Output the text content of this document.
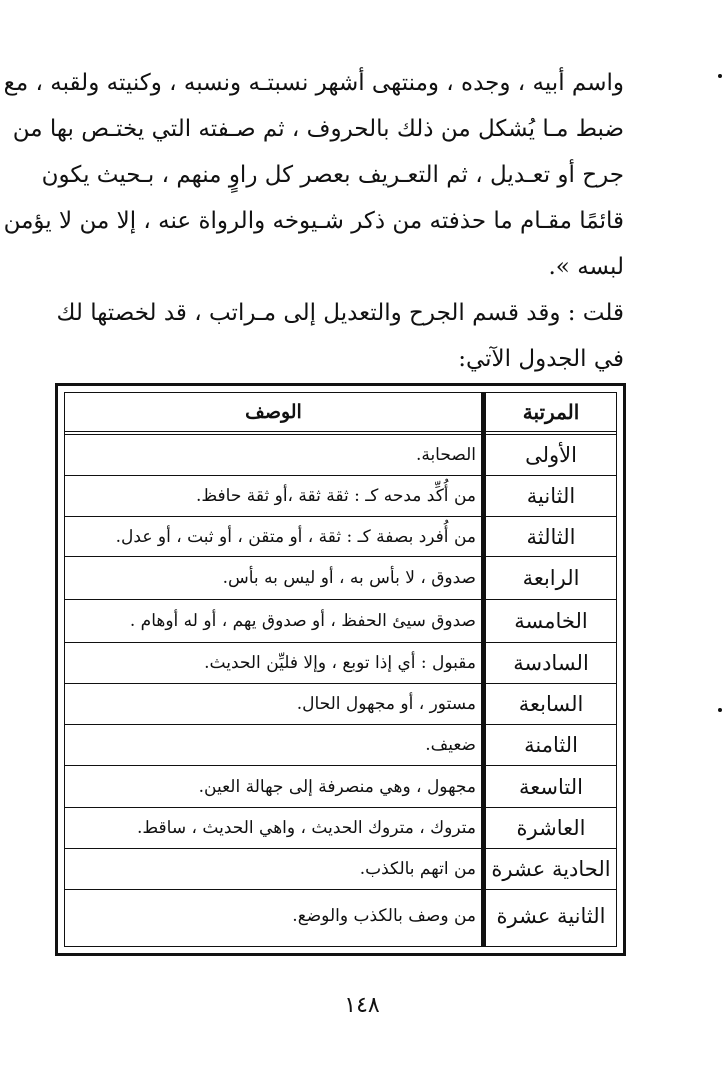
واسم أبيه ، وجده ، ومنتهى أشهر نسبتـه ونسبه ، وكنيته ولقبه ، مع
ضبط مـا يُشكل من ذلك بالحروف ، ثم صـفته التي يختـص بها من
جرح أو تعـديل ، ثم التعـريف بعصر كل راوٍ منهم ، بـحيث يكون
قائمًا مقـام ما حذفته من ذكر شـيوخه والرواة عنه ، إلا من لا يؤمن
لبسه ».
قلت : وقد قسم الجرح والتعديل إلى مـراتب ، قد لخصتها لك
في الجدول الآتي:
المرتبة
الوصف
الأولى
الصحابة.
الثانية
من أُكِّد مدحه كـ : ثقة ثقة ،أو ثقة حافظ.
الثالثة
من أُفرد بصفة كـ : ثقة ، أو متقن ، أو ثبت ، أو عدل.
الرابعة
صدوق ، لا بأس به ، أو ليس به بأس.
الخامسة
صدوق سيئ الحفظ ، أو صدوق يهم ، أو له أوهام .
السادسة
مقبول : أي إذا توبع ، وإلا فليِّن الحديث.
السابعة
مستور ، أو مجهول الحال.
الثامنة
ضعيف.
التاسعة
مجهول ، وهي منصرفة إلى جهالة العين.
العاشرة
متروك ، متروك الحديث ، واهي الحديث ، ساقط.
الحادية عشرة
من اتهم بالكذب.
الثانية عشرة
من وصف بالكذب والوضع.
١٤٨
